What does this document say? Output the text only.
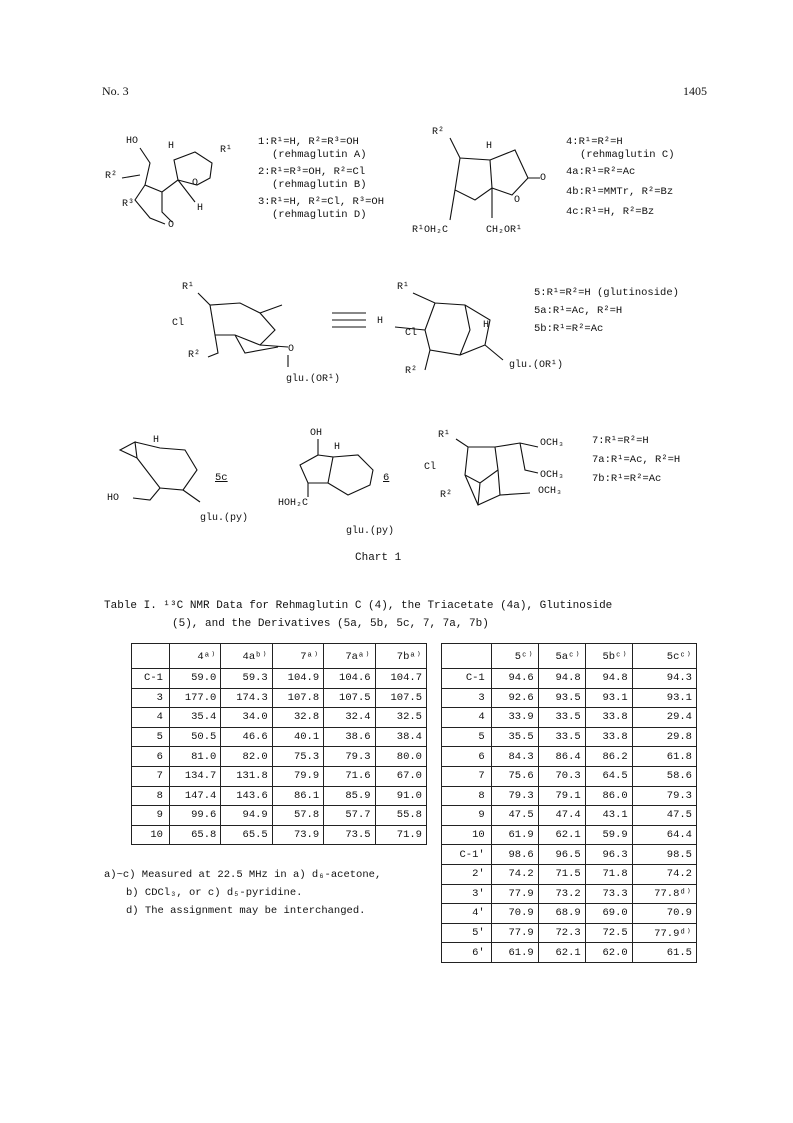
No. 3	1405
HO	H	R¹
R²
R³
O
H
O
1:R¹=H, R²=R³=OH
(rehmaglutin A)
2:R¹=R³=OH, R²=Cl
(rehmaglutin B)
3:R¹=H, R²=Cl, R³=OH
(rehmaglutin D)
R²
H
O
O
R¹OH₂C	CH₂OR¹
4:R¹=R²=H
(rehmaglutin C)
4a:R¹=R²=Ac
4b:R¹=MMTr, R²=Bz
4c:R¹=H, R²=Bz
R¹
Cl
R²
O
glu.(OR¹)
R¹
H
Cl
R²
H
glu.(OR¹)
5:R¹=R²=H (glutinoside)
5a:R¹=Ac, R²=H
5b:R¹=R²=Ac
HO
H
glu.(py)
5c
OH
H
HOH₂C
glu.(py)
6
R¹
Cl
R²
OCH₃
OCH₃
OCH₃
7:R¹=R²=H
7a:R¹=Ac, R²=H
7b:R¹=R²=Ac
Chart 1
Table I. ¹³C NMR Data for Rehmaglutin C (4), the Triacetate (4a), Glutinoside
(5), and the Derivatives (5a, 5b, 5c, 7, 7a, 7b)
	4ᵃ⁾	4aᵇ⁾	7ᵃ⁾	7aᵃ⁾	7bᵃ⁾
C-1	59.0	59.3	104.9	104.6	104.7
3	177.0	174.3	107.8	107.5	107.5
4	35.4	34.0	32.8	32.4	32.5
5	50.5	46.6	40.1	38.6	38.4
6	81.0	82.0	75.3	79.3	80.0
7	134.7	131.8	79.9	71.6	67.0
8	147.4	143.6	86.1	85.9	91.0
9	99.6	94.9	57.8	57.7	55.8
10	65.8	65.5	73.9	73.5	71.9
	5ᶜ⁾	5aᶜ⁾	5bᶜ⁾	5cᶜ⁾
C-1	94.6	94.8	94.8	94.3
3	92.6	93.5	93.1	93.1
4	33.9	33.5	33.8	29.4
5	35.5	33.5	33.8	29.8
6	84.3	86.4	86.2	61.8
7	75.6	70.3	64.5	58.6
8	79.3	79.1	86.0	79.3
9	47.5	47.4	43.1	47.5
10	61.9	62.1	59.9	64.4
C-1'	98.6	96.5	96.3	98.5
2'	74.2	71.5	71.8	74.2
3'	77.9	73.2	73.3	77.8ᵈ⁾
4'	70.9	68.9	69.0	70.9
5'	77.9	72.3	72.5	77.9ᵈ⁾
6'	61.9	62.1	62.0	61.5
a)~c) Measured at 22.5 MHz in a) d₆-acetone,
b) CDCl₃, or c) d₅-pyridine.
d) The assignment may be interchanged.
